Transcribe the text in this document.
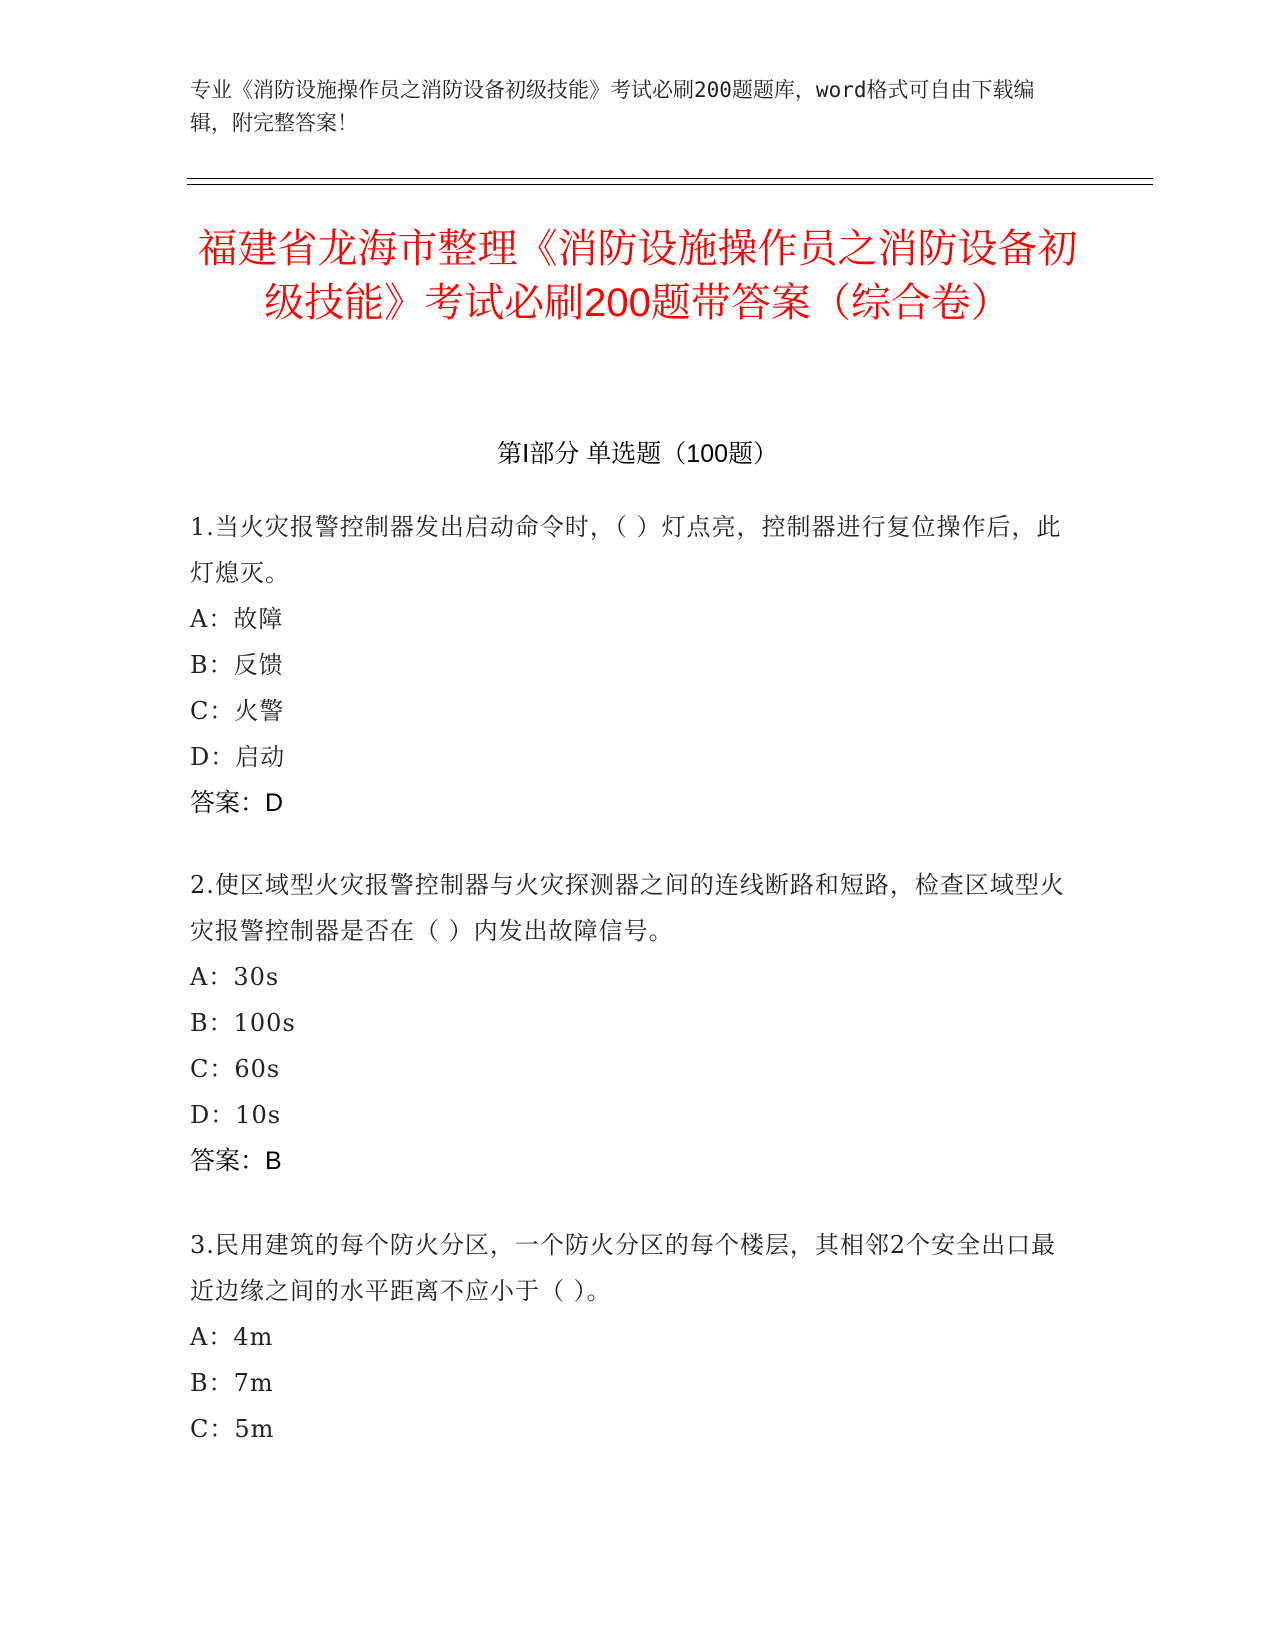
专业《消防设施操作员之消防设备初级技能》考试必刷200题题库，word格式可自由下载编辑，附完整答案！
福建省龙海市整理《消防设施操作员之消防设备初级技能》考试必刷200题带答案（综合卷）
第Ⅰ部分 单选题（100题）

1.当火灾报警控制器发出启动命令时，（ ）灯点亮，控制器进行复位操作后，此灯熄灭。

A：故障

B：反馈

C：火警

D：启动

答案：D

2.使区域型火灾报警控制器与火灾探测器之间的连线断路和短路，检查区域型火灾报警控制器是否在（ ）内发出故障信号。

A：30s

B：100s

C：60s

D：10s

答案：B

3.民用建筑的每个防火分区，一个防火分区的每个楼层，其相邻2个安全出口最近边缘之间的水平距离不应小于（ ）。

A：4m

B：7m

C：5m
